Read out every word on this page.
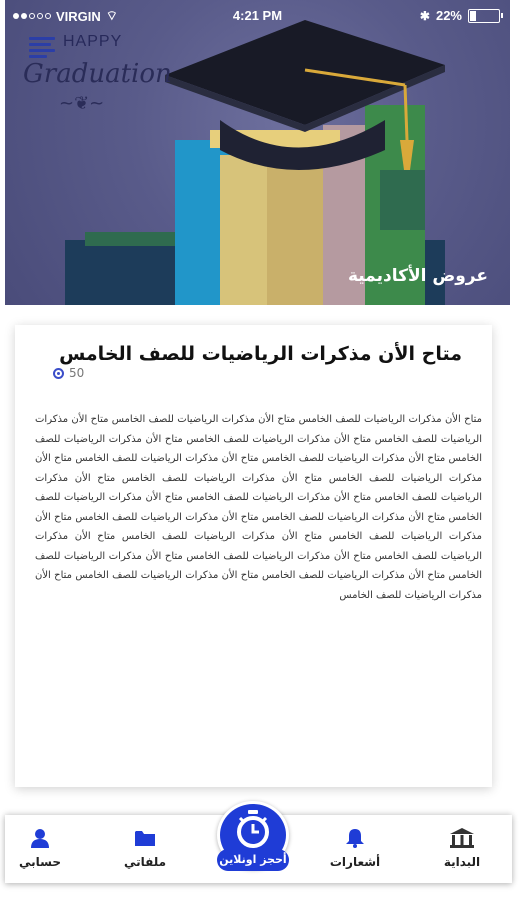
VIRGIN ⌔	4:21 PM	✱ 22%
HAPPY
Graduation
~❦~
عروض الأكاديمية
متاح الأن مذكرات الرياضيات للصف الخامس
50
متاح الأن مذكرات الرياضيات للصف الخامس متاح الأن مذكرات الرياضيات للصف الخامس متاح الأن مذكرات الرياضيات للصف الخامس متاح الأن مذكرات الرياضيات للصف الخامس متاح الأن مذكرات الرياضيات للصف الخامس متاح الأن مذكرات الرياضيات للصف الخامس متاح الأن مذكرات الرياضيات للصف الخامس متاح الأن مذكرات الرياضيات للصف الخامس متاح الأن مذكرات الرياضيات للصف الخامس متاح الأن مذكرات الرياضيات للصف الخامس متاح الأن مذكرات الرياضيات للصف الخامس متاح الأن مذكرات الرياضيات للصف الخامس متاح الأن مذكرات الرياضيات للصف الخامس متاح الأن مذكرات الرياضيات للصف الخامس متاح الأن مذكرات الرياضيات للصف الخامس متاح الأن مذكرات الرياضيات للصف الخامس متاح الأن مذكرات الرياضيات للصف الخامس متاح الأن مذكرات الرياضيات للصف الخامس متاح الأن مذكرات الرياضيات للصف الخامس متاح الأن مذكرات الرياضيات للصف الخامس متاح الأن مذكرات الرياضيات للصف الخامس متاح الأن مذكرات الرياضيات للصف الخامس
حسابي	ملفاتي	أحجز اونلاين	أشعارات	البداية
